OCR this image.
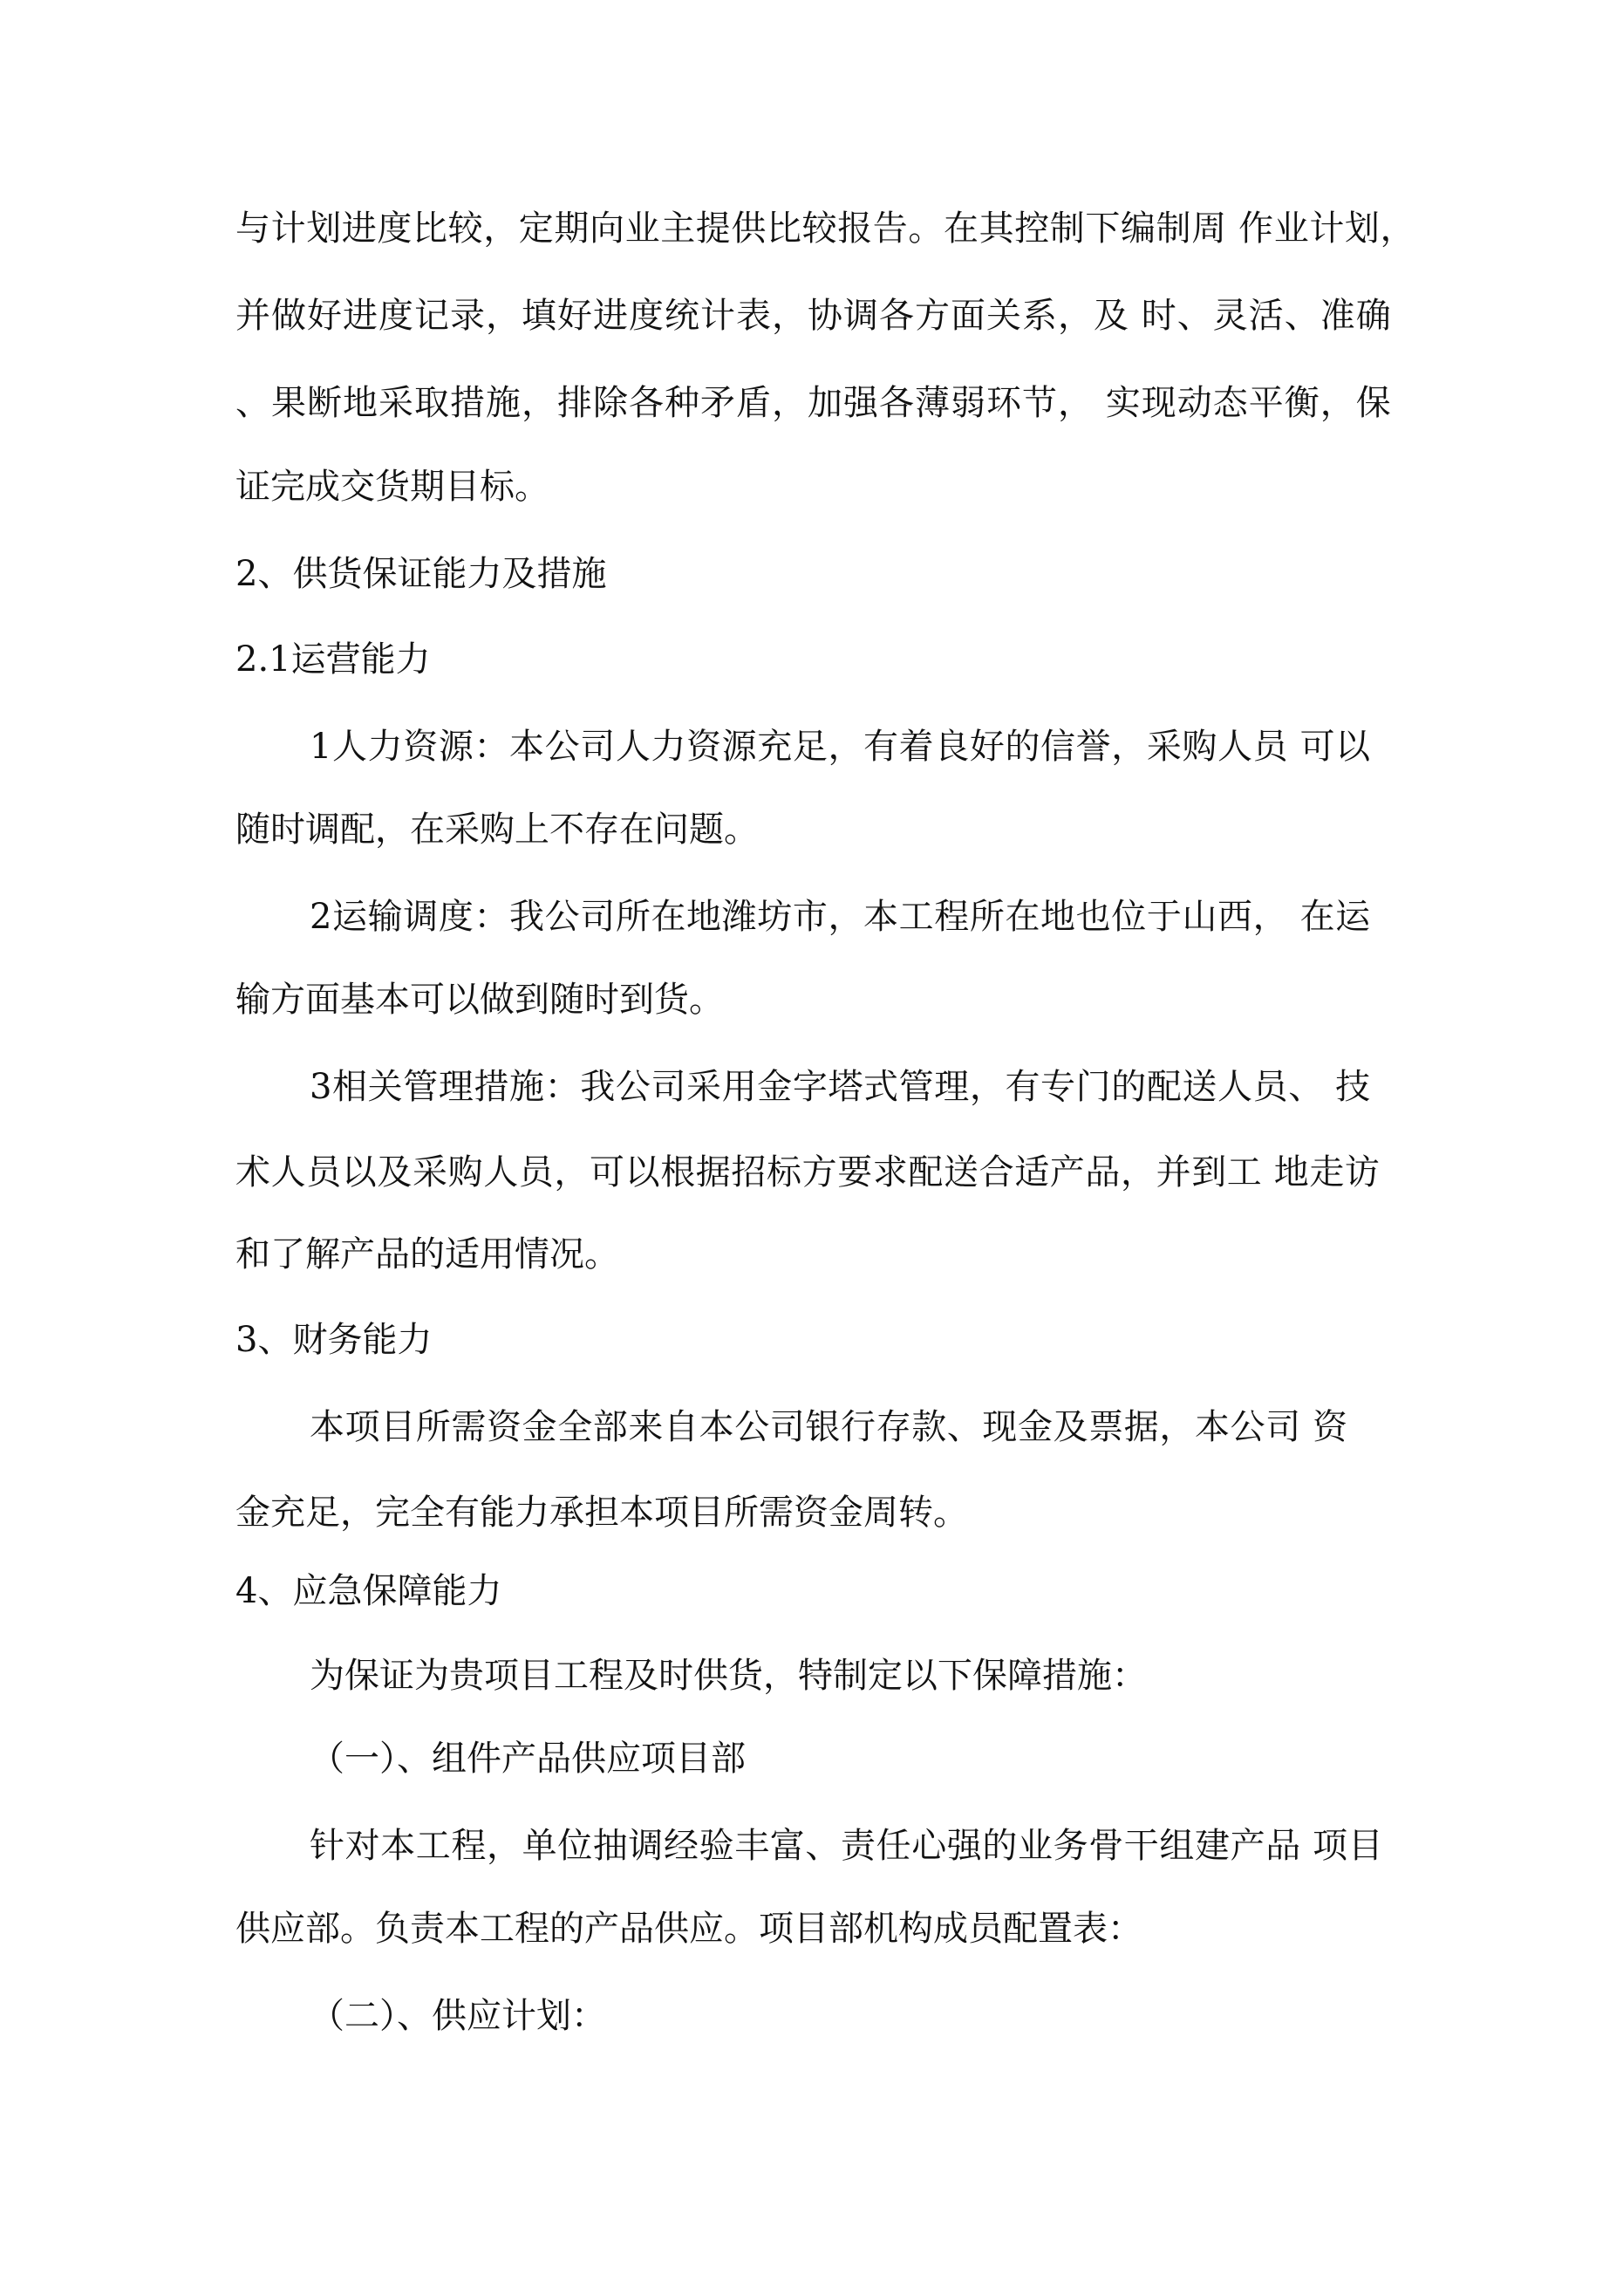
与计划进度比较，定期向业主提供比较报告。在其控制下编制周 作业计划，
并做好进度记录，填好进度统计表，协调各方面关系，及 时、灵活、准确
、果断地采取措施，排除各种矛盾，加强各薄弱环节， 实现动态平衡，保
证完成交货期目标。
2、供货保证能力及措施
2.1运营能力
1人力资源：本公司人力资源充足，有着良好的信誉，采购人员 可以
随时调配，在采购上不存在问题。
2运输调度：我公司所在地潍坊市，本工程所在地也位于山西， 在运
输方面基本可以做到随时到货。
3相关管理措施：我公司采用金字塔式管理，有专门的配送人员、 技
术人员以及采购人员，可以根据招标方要求配送合适产品，并到工 地走访
和了解产品的适用情况。
3、财务能力
本项目所需资金全部来自本公司银行存款、现金及票据，本公司 资
金充足，完全有能力承担本项目所需资金周转。
4、应急保障能力
为保证为贵项目工程及时供货，特制定以下保障措施：
（一）、组件产品供应项目部
针对本工程，单位抽调经验丰富、责任心强的业务骨干组建产品 项目
供应部。负责本工程的产品供应。项目部机构成员配置表：
（二）、供应计划：
